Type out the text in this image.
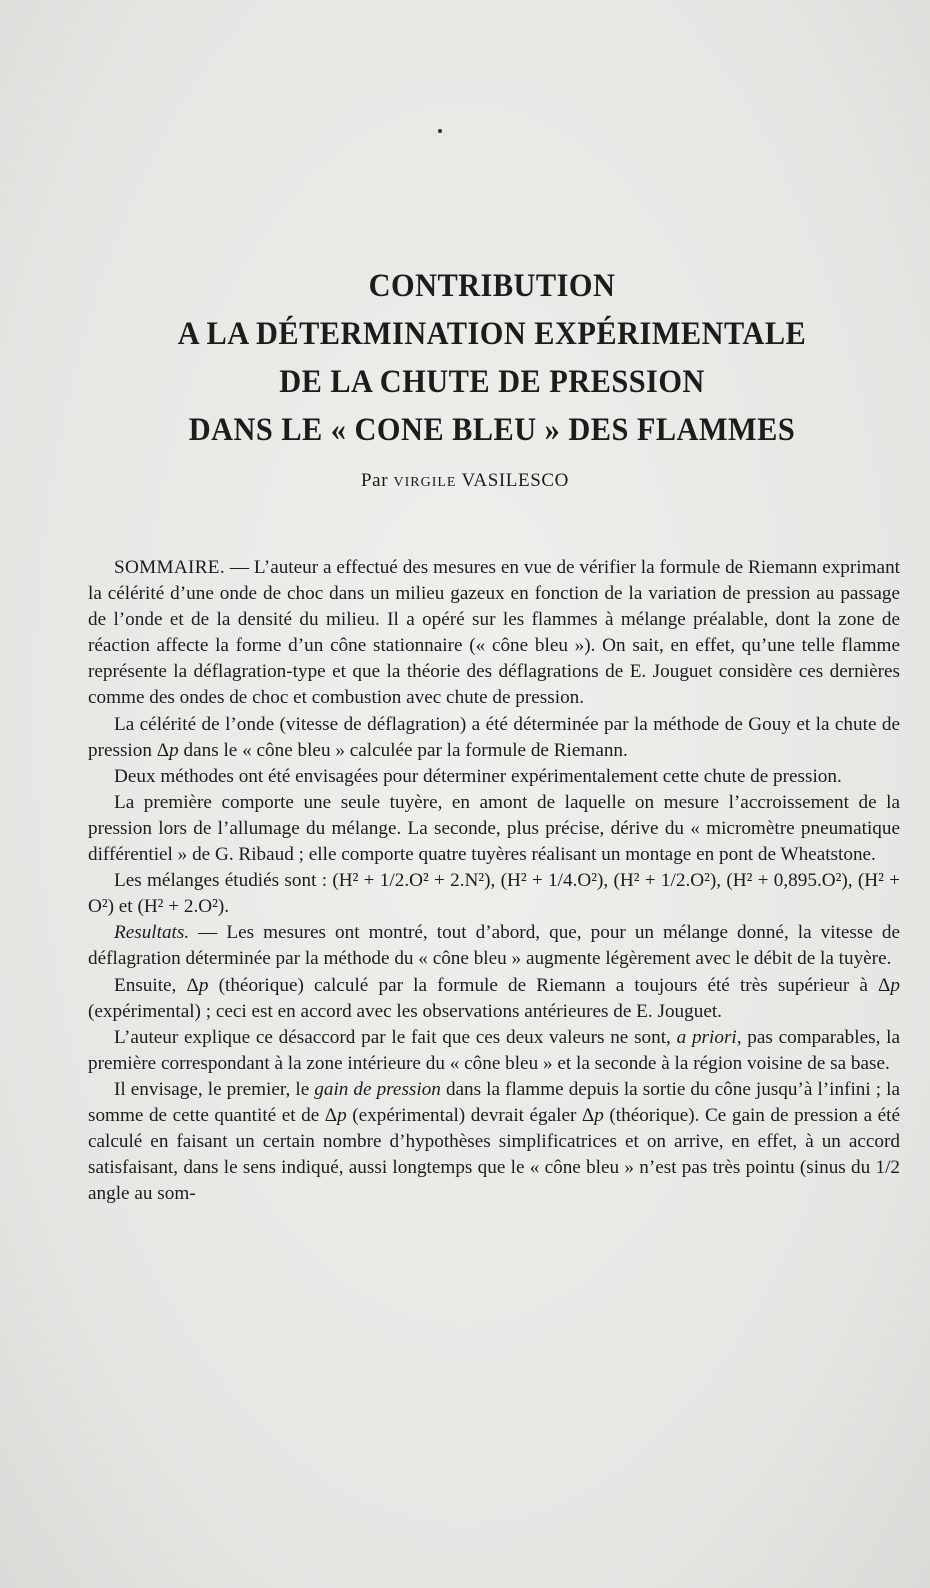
CONTRIBUTION
A LA DÉTERMINATION EXPÉRIMENTALE
DE LA CHUTE DE PRESSION
DANS LE « CONE BLEU » DES FLAMMES
Par VIRGILE VASILESCO

SOMMAIRE. — L’auteur a effectué des mesures en vue de vérifier la formule de Riemann exprimant la célérité d’une onde de choc dans un milieu gazeux en fonction de la variation de pression au passage de l’onde et de la densité du milieu. Il a opéré sur les flammes à mélange préalable, dont la zone de réaction affecte la forme d’un cône stationnaire (« cône bleu »). On sait, en effet, qu’une telle flamme représente la déflagration-type et que la théorie des déflagrations de E. Jouguet considère ces dernières comme des ondes de choc et combustion avec chute de pression.

La célérité de l’onde (vitesse de déflagration) a été déterminée par la méthode de Gouy et la chute de pression Δp dans le « cône bleu » calculée par la formule de Riemann.

Deux méthodes ont été envisagées pour déterminer expérimentalement cette chute de pression.

La première comporte une seule tuyère, en amont de laquelle on mesure l’accroissement de la pression lors de l’allumage du mélange. La seconde, plus précise, dérive du « micromètre pneumatique différentiel » de G. Ribaud ; elle comporte quatre tuyères réalisant un montage en pont de Wheatstone.

Les mélanges étudiés sont : (H² + 1/2.O² + 2.N²), (H² + 1/4.O²), (H² + 1/2.O²), (H² + 0,895.O²), (H² + O²) et (H² + 2.O²).

Resultats. — Les mesures ont montré, tout d’abord, que, pour un mélange donné, la vitesse de déflagration déterminée par la méthode du « cône bleu » augmente légèrement avec le débit de la tuyère.

Ensuite, Δp (théorique) calculé par la formule de Riemann a toujours été très supérieur à Δp (expérimental) ; ceci est en accord avec les observations antérieures de E. Jouguet.

L’auteur explique ce désaccord par le fait que ces deux valeurs ne sont, a priori, pas comparables, la première correspondant à la zone intérieure du « cône bleu » et la seconde à la région voisine de sa base.

Il envisage, le premier, le gain de pression dans la flamme depuis la sortie du cône jusqu’à l’infini ; la somme de cette quantité et de Δp (expérimental) devrait égaler Δp (théorique). Ce gain de pression a été calculé en faisant un certain nombre d’hypothèses simplificatrices et on arrive, en effet, à un accord satisfaisant, dans le sens indiqué, aussi longtemps que le « cône bleu » n’est pas très pointu (sinus du 1/2 angle au som-
